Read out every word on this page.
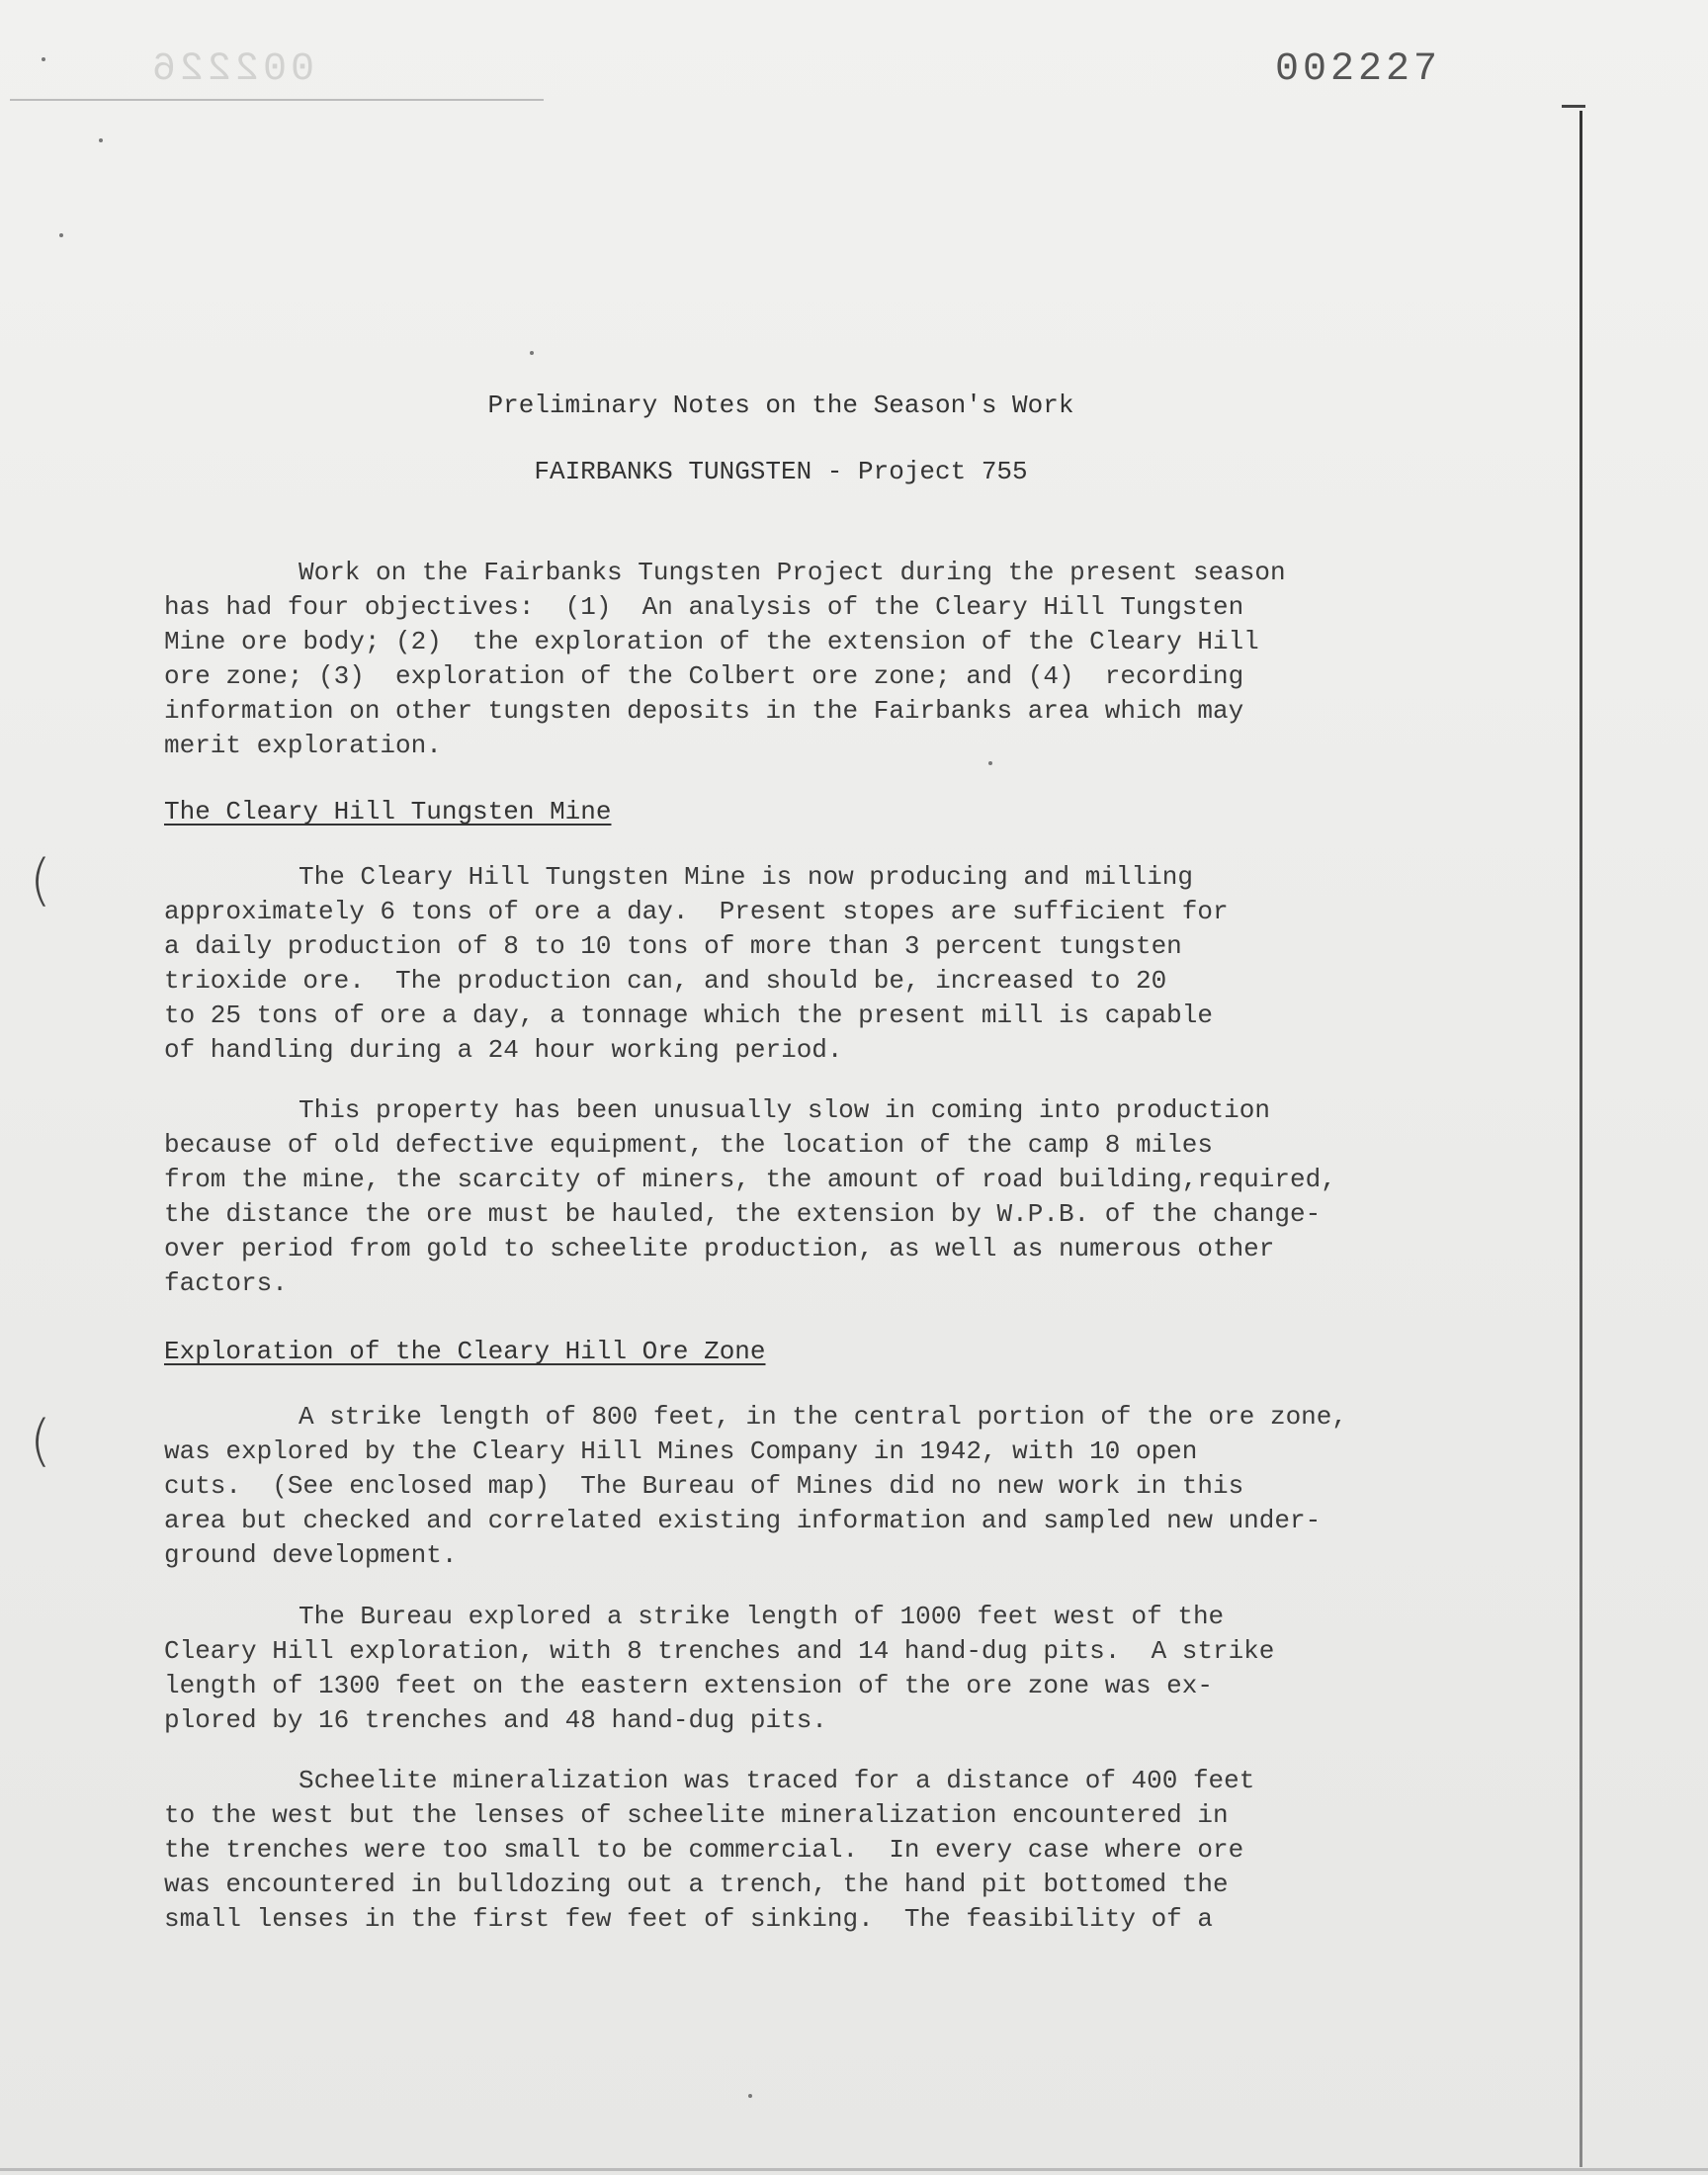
002226	002227
(
(
Preliminary Notes on the Season's Work
FAIRBANKS TUNGSTEN - Project 755
Work on the Fairbanks Tungsten Project during the present season
has had four objectives:  (1)  An analysis of the Cleary Hill Tungsten
Mine ore body; (2)  the exploration of the extension of the Cleary Hill
ore zone; (3)  exploration of the Colbert ore zone; and (4)  recording
information on other tungsten deposits in the Fairbanks area which may
merit exploration.
The Cleary Hill Tungsten Mine
The Cleary Hill Tungsten Mine is now producing and milling
approximately 6 tons of ore a day.  Present stopes are sufficient for
a daily production of 8 to 10 tons of more than 3 percent tungsten
trioxide ore.  The production can, and should be, increased to 20
to 25 tons of ore a day, a tonnage which the present mill is capable
of handling during a 24 hour working period.
This property has been unusually slow in coming into production
because of old defective equipment, the location of the camp 8 miles
from the mine, the scarcity of miners, the amount of road building,required,
the distance the ore must be hauled, the extension by W.P.B. of the change-
over period from gold to scheelite production, as well as numerous other
factors.
Exploration of the Cleary Hill Ore Zone
A strike length of 800 feet, in the central portion of the ore zone,
was explored by the Cleary Hill Mines Company in 1942, with 10 open
cuts.  (See enclosed map)  The Bureau of Mines did no new work in this
area but checked and correlated existing information and sampled new under-
ground development.
The Bureau explored a strike length of 1000 feet west of the
Cleary Hill exploration, with 8 trenches and 14 hand-dug pits.  A strike
length of 1300 feet on the eastern extension of the ore zone was ex-
plored by 16 trenches and 48 hand-dug pits.
Scheelite mineralization was traced for a distance of 400 feet
to the west but the lenses of scheelite mineralization encountered in
the trenches were too small to be commercial.  In every case where ore
was encountered in bulldozing out a trench, the hand pit bottomed the
small lenses in the first few feet of sinking.  The feasibility of a
